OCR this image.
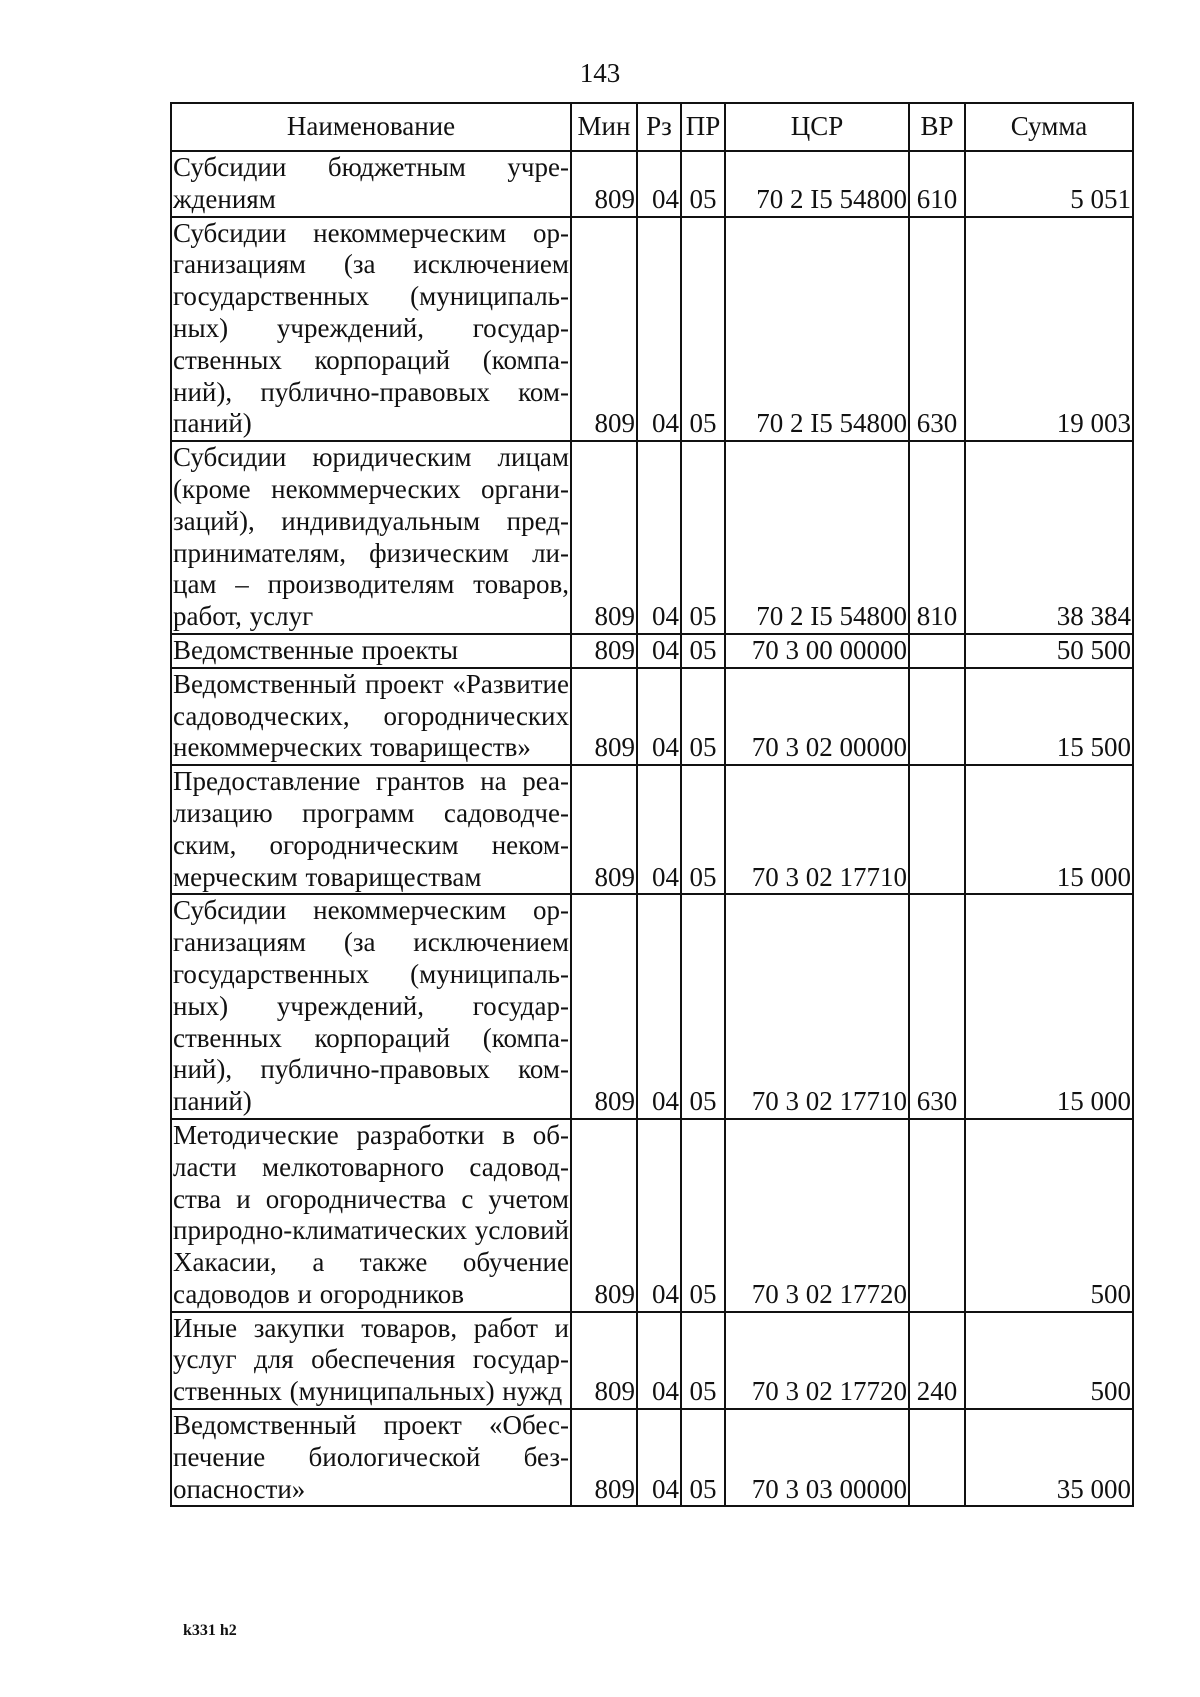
143
Наименование	Мин	Рз	ПР	ЦСР	ВР	Сумма
Субсидии бюджетным учреждениям	809	04	05	70 2 I5 54800	610	5 051
Субсидии некоммерческим организациям (за исключением государственных (муниципальных) учреждений, государственных корпораций (компаний), публично-правовых компаний)	809	04	05	70 2 I5 54800	630	19 003
Субсидии юридическим лицам (кроме некоммерческих организаций), индивидуальным предпринимателям, физическим лицам – производителям товаров, работ, услуг	809	04	05	70 2 I5 54800	810	38 384
Ведомственные проекты	809	04	05	70 3 00 00000		50 500
Ведомственный проект «Развитие садоводческих, огороднических некоммерческих товариществ»	809	04	05	70 3 02 00000		15 500
Предоставление грантов на реализацию программ садоводческим, огородническим некоммерческим товариществам	809	04	05	70 3 02 17710		15 000
Субсидии некоммерческим организациям (за исключением государственных (муниципальных) учреждений, государственных корпораций (компаний), публично-правовых компаний)	809	04	05	70 3 02 17710	630	15 000
Методические разработки в области мелкотоварного садоводства и огородничества с учетом природно-климатических условий Хакасии, а также обучение садоводов и огородников	809	04	05	70 3 02 17720		500
Иные закупки товаров, работ и услуг для обеспечения государственных (муниципальных) нужд	809	04	05	70 3 02 17720	240	500
Ведомственный проект «Обеспечение биологической безопасности»	809	04	05	70 3 03 00000		35 000
k331 h2
